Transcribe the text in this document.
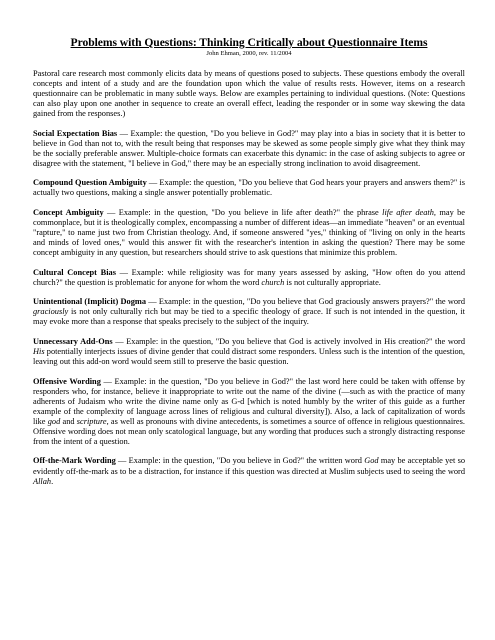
Problems with Questions: Thinking Critically about Questionnaire Items
John Ehman, 2000, rev. 11/2004

Pastoral care research most commonly elicits data by means of questions posed to subjects. These questions embody the overall concepts and intent of a study and are the foundation upon which the value of results rests. However, items on a research questionnaire can be problematic in many subtle ways. Below are examples pertaining to individual questions. (Note: Questions can also play upon one another in sequence to create an overall effect, leading the responder or in some way skewing the data gained from the responses.)

Social Expectation Bias — Example: the question, "Do you believe in God?" may play into a bias in society that it is better to believe in God than not to, with the result being that responses may be skewed as some people simply give what they think may be the socially preferable answer. Multiple-choice formats can exacerbate this dynamic: in the case of asking subjects to agree or disagree with the statement, "I believe in God," there may be an especially strong inclination to avoid disagreement.

Compound Question Ambiguity — Example: the question, "Do you believe that God hears your prayers and answers them?" is actually two questions, making a single answer potentially problematic.

Concept Ambiguity — Example: in the question, "Do you believe in life after death?" the phrase life after death, may be commonplace, but it is theologically complex, encompassing a number of different ideas—an immediate "heaven" or an eventual "rapture," to name just two from Christian theology. And, if someone answered "yes," thinking of "living on only in the hearts and minds of loved ones," would this answer fit with the researcher's intention in asking the question? There may be some concept ambiguity in any question, but researchers should strive to ask questions that minimize this problem.

Cultural Concept Bias — Example: while religiosity was for many years assessed by asking, "How often do you attend church?" the question is problematic for anyone for whom the word church is not culturally appropriate.

Unintentional (Implicit) Dogma — Example: in the question, "Do you believe that God graciously answers prayers?" the word graciously is not only culturally rich but may be tied to a specific theology of grace. If such is not intended in the question, it may evoke more than a response that speaks precisely to the subject of the inquiry.

Unnecessary Add-Ons — Example: in the question, "Do you believe that God is actively involved in His creation?" the word His potentially interjects issues of divine gender that could distract some responders. Unless such is the intention of the question, leaving out this add-on word would seem still to preserve the basic question.

Offensive Wording — Example: in the question, "Do you believe in God?" the last word here could be taken with offense by responders who, for instance, believe it inappropriate to write out the name of the divine (—such as with the practice of many adherents of Judaism who write the divine name only as G-d [which is noted humbly by the writer of this guide as a further example of the complexity of language across lines of religious and cultural diversity]). Also, a lack of capitalization of words like god and scripture, as well as pronouns with divine antecedents, is sometimes a source of offence in religious questionnaires. Offensive wording does not mean only scatological language, but any wording that produces such a strongly distracting response from the intent of a question.

Off-the-Mark Wording — Example: in the question, "Do you believe in God?" the written word God may be acceptable yet so evidently off-the-mark as to be a distraction, for instance if this question was directed at Muslim subjects used to seeing the word Allah.
